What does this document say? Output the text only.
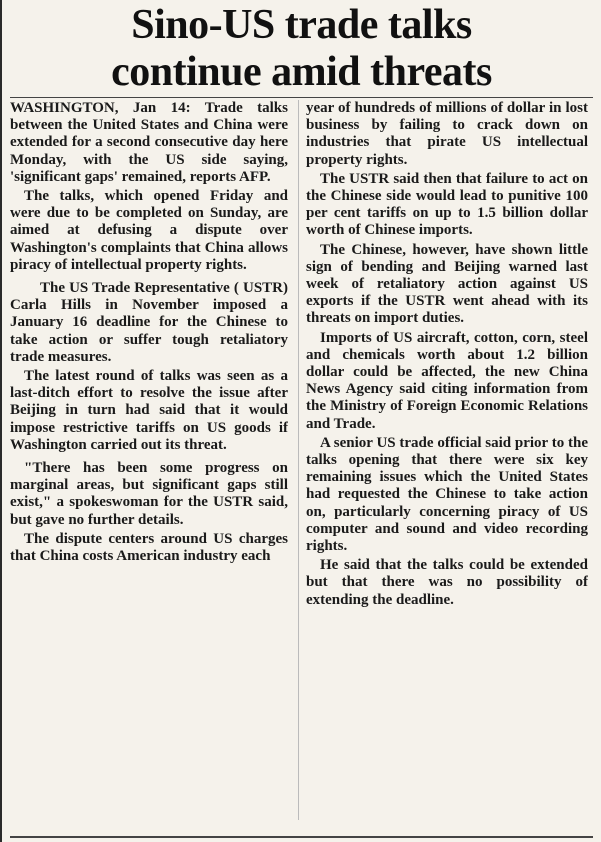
Sino-US trade talks
continue amid threats

WASHINGTON, Jan 14: Trade talks between the United States and China were extended for a second consecutive day here Monday, with the US side saying, 'significant gaps' remained, reports AFP.

The talks, which opened Friday and were due to be completed on Sunday, are aimed at defusing a dispute over Washington's complaints that China allows piracy of intellectual property rights.

The US Trade Representative ( USTR) Carla Hills in November imposed a January 16 deadline for the Chinese to take action or suffer tough retaliatory trade measures.

The latest round of talks was seen as a last-ditch effort to resolve the issue after Beijing in turn had said that it would impose restrictive tariffs on US goods if Washington carried out its threat.

"There has been some progress on marginal areas, but significant gaps still exist," a spokeswoman for the USTR said, but gave no further details.

The dispute centers around US charges that China costs American industry each

year of hundreds of millions of dollar in lost business by failing to crack down on industries that pirate US intellectual property rights.

The USTR said then that failure to act on the Chinese side would lead to punitive 100 per cent tariffs on up to 1.5 billion dollar worth of Chinese imports.

The Chinese, however, have shown little sign of bending and Beijing warned last week of retaliatory action against US exports if the USTR went ahead with its threats on import duties.

Imports of US aircraft, cotton, corn, steel and chemicals worth about 1.2 billion dollar could be affected, the new China News Agency said citing information from the Ministry of Foreign Economic Relations and Trade.

A senior US trade official said prior to the talks opening that there were six key remaining issues which the United States had requested the Chinese to take action on, particularly concerning piracy of US computer and sound and video recording rights.

He said that the talks could be extended but that there was no possibility of extending the deadline.
